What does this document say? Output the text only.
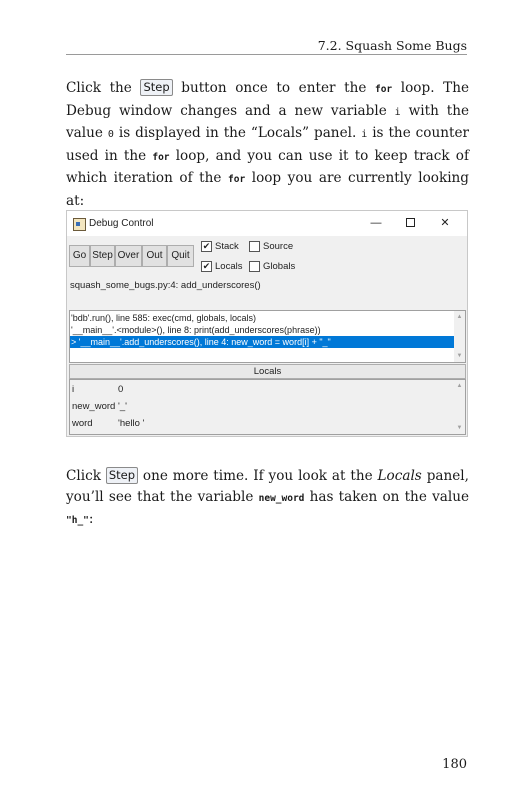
7.2. Squash Some Bugs
Click the Step button once to enter the for loop. The Debug window changes and a new variable i with the value 0 is displayed in the “Locals” panel. i is the counter used in the for loop, and you can use it to keep track of which iteration of the for loop you are currently looking at:
Debug Control	—	✕
Go Step Over Out Quit
✔ Stack	Source
✔ Locals Globals
squash_some_bugs.py:4: add_underscores()
'bdb'.run(), line 585: exec(cmd, globals, locals)
'__main__'.<module>(), line 8: print(add_underscores(phrase))
> '__main__'.add_underscores(), line 4: new_word = word[i] + "_"
▲
▼
Locals
i	0
new_word '_'
word	'hello '
▲
▼
Click Step one more time. If you look at the Locals panel, you’ll see that the variable new_word has taken on the value "h_":
180
